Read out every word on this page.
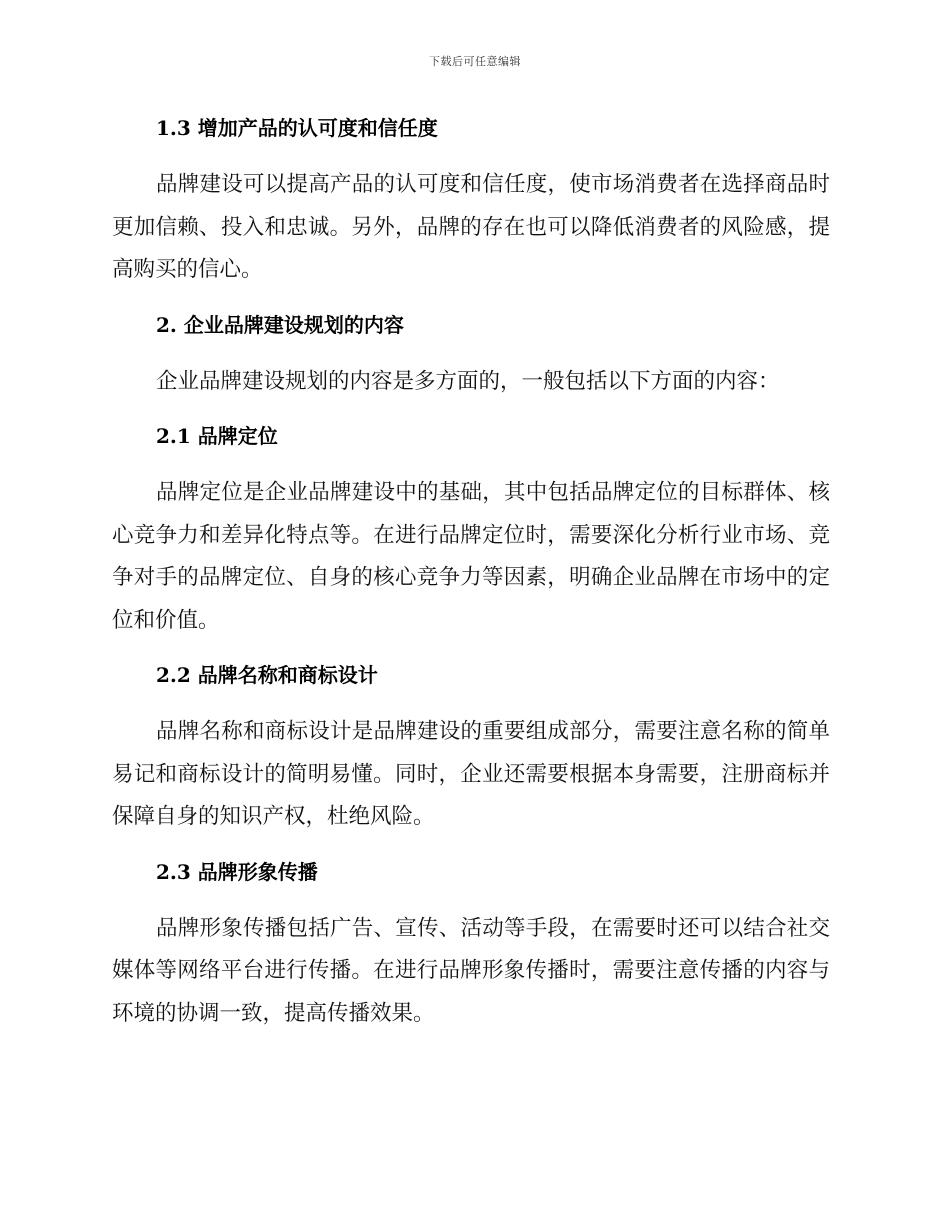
下载后可任意编辑
1.3 增加产品的认可度和信任度

品牌建设可以提高产品的认可度和信任度，使市场消费者在选择商品时更加信赖、投入和忠诚。另外，品牌的存在也可以降低消费者的风险感，提高购买的信心。

2. 企业品牌建设规划的内容

企业品牌建设规划的内容是多方面的，一般包括以下方面的内容：

2.1 品牌定位

品牌定位是企业品牌建设中的基础，其中包括品牌定位的目标群体、核心竞争力和差异化特点等。在进行品牌定位时，需要深化分析行业市场、竞争对手的品牌定位、自身的核心竞争力等因素，明确企业品牌在市场中的定位和价值。

2.2 品牌名称和商标设计

品牌名称和商标设计是品牌建设的重要组成部分，需要注意名称的简单易记和商标设计的简明易懂。同时，企业还需要根据本身需要，注册商标并保障自身的知识产权，杜绝风险。

2.3 品牌形象传播

品牌形象传播包括广告、宣传、活动等手段，在需要时还可以结合社交媒体等网络平台进行传播。在进行品牌形象传播时，需要注意传播的内容与环境的协调一致，提高传播效果。
